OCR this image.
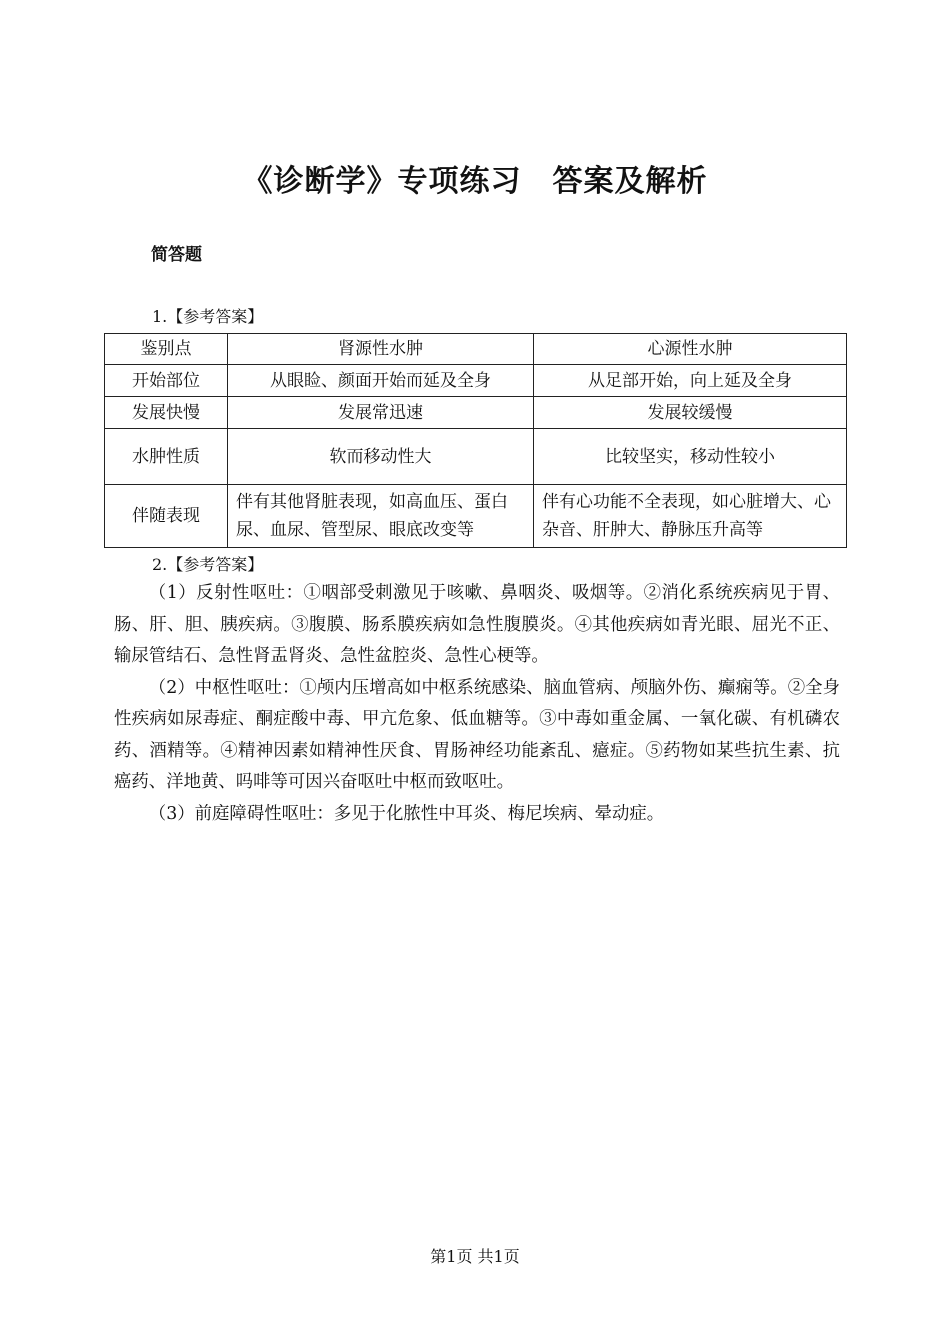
《诊断学》专项练习　答案及解析
简答题
1.【参考答案】
鉴别点	肾源性水肿	心源性水肿
开始部位	从眼睑、颜面开始而延及全身	从足部开始，向上延及全身
发展快慢	发展常迅速	发展较缓慢
水肿性质	软而移动性大	比较坚实，移动性较小
伴随表现	伴有其他肾脏表现，如高血压、蛋白尿、血尿、管型尿、眼底改变等	伴有心功能不全表现，如心脏增大、心杂音、肝肿大、静脉压升高等
2.【参考答案】

（1）反射性呕吐：①咽部受刺激见于咳嗽、鼻咽炎、吸烟等。②消化系统疾病见于胃、肠、肝、胆、胰疾病。③腹膜、肠系膜疾病如急性腹膜炎。④其他疾病如青光眼、屈光不正、输尿管结石、急性肾盂肾炎、急性盆腔炎、急性心梗等。

（2）中枢性呕吐：①颅内压增高如中枢系统感染、脑血管病、颅脑外伤、癫痫等。②全身性疾病如尿毒症、酮症酸中毒、甲亢危象、低血糖等。③中毒如重金属、一氧化碳、有机磷农药、酒精等。④精神因素如精神性厌食、胃肠神经功能紊乱、癔症。⑤药物如某些抗生素、抗癌药、洋地黄、吗啡等可因兴奋呕吐中枢而致呕吐。

（3）前庭障碍性呕吐：多见于化脓性中耳炎、梅尼埃病、晕动症。

第1页 共1页
